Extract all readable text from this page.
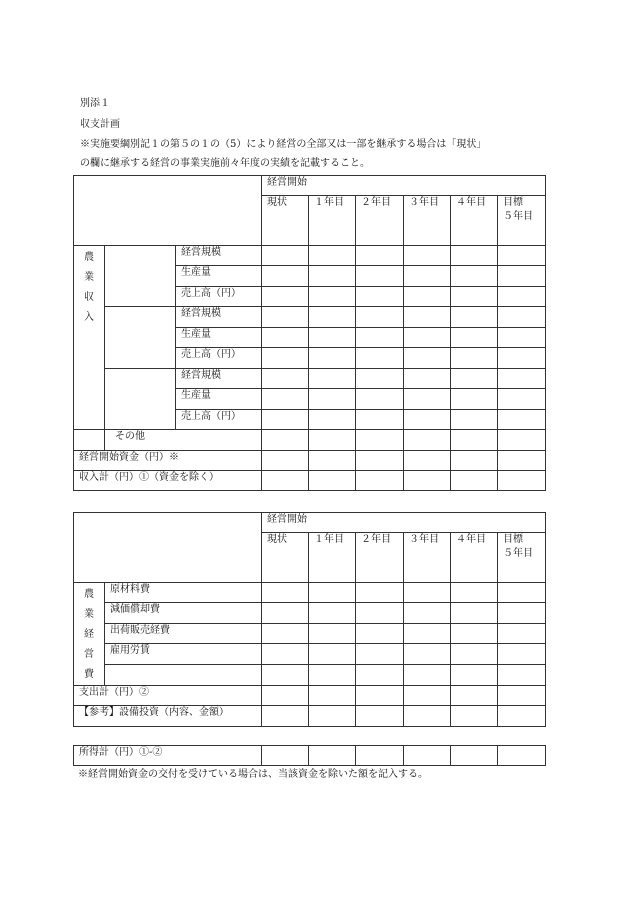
別添１
収支計画
※実施要綱別記１の第５の１の（5）により経営の全部又は一部を継承する場合は「現状」
の欄に継承する経営の事業実施前々年度の実績を記載すること。
			経営開始					
			現状	１年目	２年目	３年目	４年目	目標
５年目

農
業
収
入		経営規模						
		生産量						
		売上高（円）						
		経営規模						
		生産量						
		売上高（円）						
		経営規模						
		生産量						
		売上高（円）						
	その他							
経営開始資金（円）※								
収入計（円）①（資金を除く）								
		経営開始					
		現状	１年目	２年目	３年目	４年目	目標
５年目

農
業
経
営
費	原材料費						
	減価償却費						
	出荷販売経費						
	雇用労賃						

支出計（円）②							
【参考】設備投資（内容、金額）							
所得計（円）①-②						
※経営開始資金の交付を受けている場合は、当該資金を除いた額を記入する。
